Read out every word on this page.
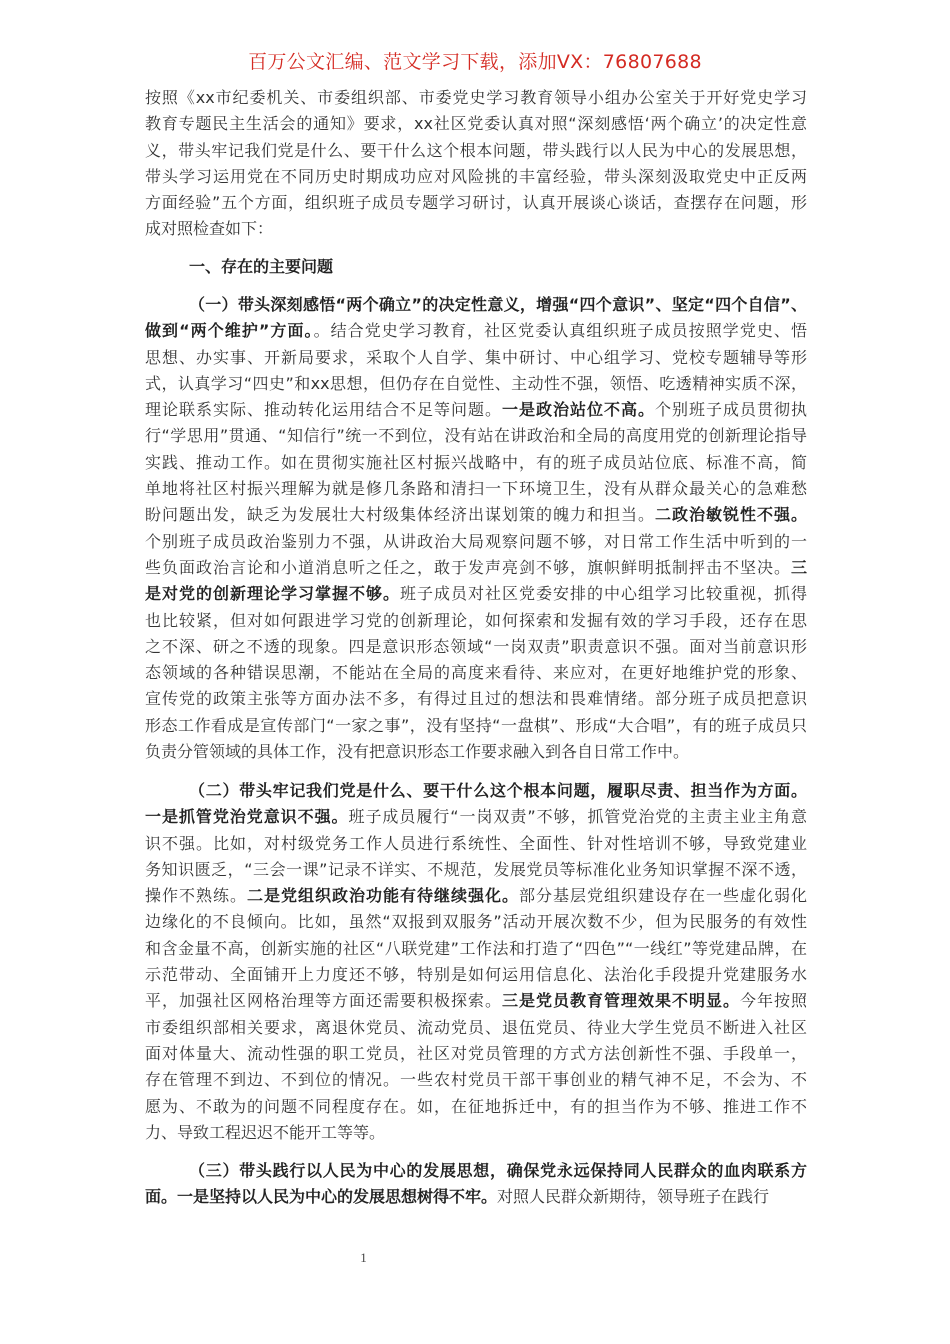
百万公文汇编、范文学习下载，添加VX：76807688
按照《xx市纪委机关、市委组织部、市委党史学习教育领导小组办公室关于开好党史学习
教育专题民主生活会的通知》要求，xx社区党委认真对照“深刻感悟‘两个确立’的决定性意
义，带头牢记我们党是什么、要干什么这个根本问题，带头践行以人民为中心的发展思想，
带头学习运用党在不同历史时期成功应对风险挑的丰富经验，带头深刻汲取党史中正反两
方面经验”五个方面，组织班子成员专题学习研讨，认真开展谈心谈话，查摆存在问题，形
成对照检查如下：
一、存在的主要问题
（一）带头深刻感悟“两个确立”的决定性意义，增强“四个意识”、坚定“四个自信”、
做到“两个维护”方面。。结合党史学习教育，社区党委认真组织班子成员按照学党史、悟
思想、办实事、开新局要求，采取个人自学、集中研讨、中心组学习、党校专题辅导等形
式，认真学习“四史”和xx思想，但仍存在自觉性、主动性不强，领悟、吃透精神实质不深，
理论联系实际、推动转化运用结合不足等问题。一是政治站位不高。个别班子成员贯彻执
行“学思用”贯通、“知信行”统一不到位，没有站在讲政治和全局的高度用党的创新理论指导
实践、推动工作。如在贯彻实施社区村振兴战略中，有的班子成员站位底、标准不高，简
单地将社区村振兴理解为就是修几条路和清扫一下环境卫生，没有从群众最关心的急难愁
盼问题出发，缺乏为发展壮大村级集体经济出谋划策的魄力和担当。二政治敏锐性不强。
个别班子成员政治鉴别力不强，从讲政治大局观察问题不够，对日常工作生活中听到的一
些负面政治言论和小道消息听之任之，敢于发声亮剑不够，旗帜鲜明抵制抨击不坚决。三
是对党的创新理论学习掌握不够。班子成员对社区党委安排的中心组学习比较重视，抓得
也比较紧，但对如何跟进学习党的创新理论，如何探索和发掘有效的学习手段，还存在思
之不深、研之不透的现象。四是意识形态领域“一岗双责”职责意识不强。面对当前意识形
态领域的各种错误思潮，不能站在全局的高度来看待、来应对，在更好地维护党的形象、
宣传党的政策主张等方面办法不多，有得过且过的想法和畏难情绪。部分班子成员把意识
形态工作看成是宣传部门“一家之事”，没有坚持“一盘棋”、形成“大合唱”，有的班子成员只
负责分管领域的具体工作，没有把意识形态工作要求融入到各自日常工作中。
（二）带头牢记我们党是什么、要干什么这个根本问题，履职尽责、担当作为方面。
一是抓管党治党意识不强。班子成员履行“一岗双责”不够，抓管党治党的主责主业主角意
识不强。比如，对村级党务工作人员进行系统性、全面性、针对性培训不够，导致党建业
务知识匮乏，“三会一课”记录不详实、不规范，发展党员等标准化业务知识掌握不深不透，
操作不熟练。二是党组织政治功能有待继续强化。部分基层党组织建设存在一些虚化弱化
边缘化的不良倾向。比如，虽然“双报到双服务”活动开展次数不少，但为民服务的有效性
和含金量不高，创新实施的社区“八联党建”工作法和打造了“四色”“一线红”等党建品牌，在
示范带动、全面铺开上力度还不够，特别是如何运用信息化、法治化手段提升党建服务水
平，加强社区网格治理等方面还需要积极探索。三是党员教育管理效果不明显。今年按照
市委组织部相关要求，离退休党员、流动党员、退伍党员、待业大学生党员不断进入社区
面对体量大、流动性强的职工党员，社区对党员管理的方式方法创新性不强、手段单一，
存在管理不到边、不到位的情况。一些农村党员干部干事创业的精气神不足，不会为、不
愿为、不敢为的问题不同程度存在。如，在征地拆迁中，有的担当作为不够、推进工作不
力、导致工程迟迟不能开工等等。
（三）带头践行以人民为中心的发展思想，确保党永远保持同人民群众的血肉联系方
面。一是坚持以人民为中心的发展思想树得不牢。对照人民群众新期待，领导班子在践行
1
